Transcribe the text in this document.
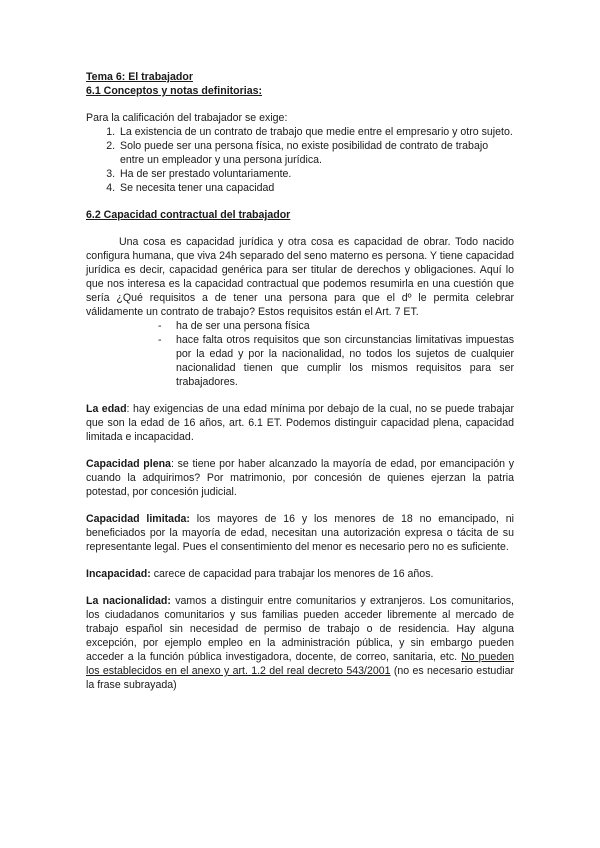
Tema 6: El trabajador

6.1 Conceptos y notas definitorias:

Para la calificación del trabajador se exige:

1. La existencia de un contrato de trabajo que medie entre el empresario y otro sujeto.
2. Solo puede ser una persona física, no existe posibilidad de contrato de trabajo entre un empleador y una persona jurídica.
3. Ha de ser prestado voluntariamente.
4. Se necesita tener una capacidad

6.2 Capacidad contractual del trabajador

Una cosa es capacidad jurídica y otra cosa es capacidad de obrar. Todo nacido configura humana, que viva 24h separado del seno materno es persona. Y tiene capacidad jurídica es decir, capacidad genérica para ser titular de derechos y obligaciones. Aquí lo que nos interesa es la capacidad contractual que podemos resumirla en una cuestión que sería ¿Qué requisitos a de tener una persona para que el dº le permita celebrar válidamente un contrato de trabajo? Estos requisitos están el Art. 7 ET.

- ha de ser una persona física
- hace falta otros requisitos que son circunstancias limitativas impuestas por la edad y por la nacionalidad, no todos los sujetos de cualquier nacionalidad tienen que cumplir los mismos requisitos para ser trabajadores.

La edad: hay exigencias de una edad mínima por debajo de la cual, no se puede trabajar que son la edad de 16 años, art. 6.1 ET. Podemos distinguir capacidad plena, capacidad limitada e incapacidad.

Capacidad plena: se tiene por haber alcanzado la mayoría de edad, por emancipación y cuando la adquirimos? Por matrimonio, por concesión de quienes ejerzan la patria potestad, por concesión judicial.

Capacidad limitada: los mayores de 16 y los menores de 18 no emancipado, ni beneficiados por la mayoría de edad, necesitan una autorización expresa o tácita de su representante legal. Pues el consentimiento del menor es necesario pero no es suficiente.

Incapacidad: carece de capacidad para trabajar los menores de 16 años.

La nacionalidad: vamos a distinguir entre comunitarios y extranjeros. Los comunitarios, los ciudadanos comunitarios y sus familias pueden acceder libremente al mercado de trabajo español sin necesidad de permiso de trabajo o de residencia. Hay alguna excepción, por ejemplo empleo en la administración pública, y sin embargo pueden acceder a la función pública investigadora, docente, de correo, sanitaria, etc. No pueden los establecidos en el anexo y art. 1.2 del real decreto 543/2001 (no es necesario estudiar la frase subrayada)
